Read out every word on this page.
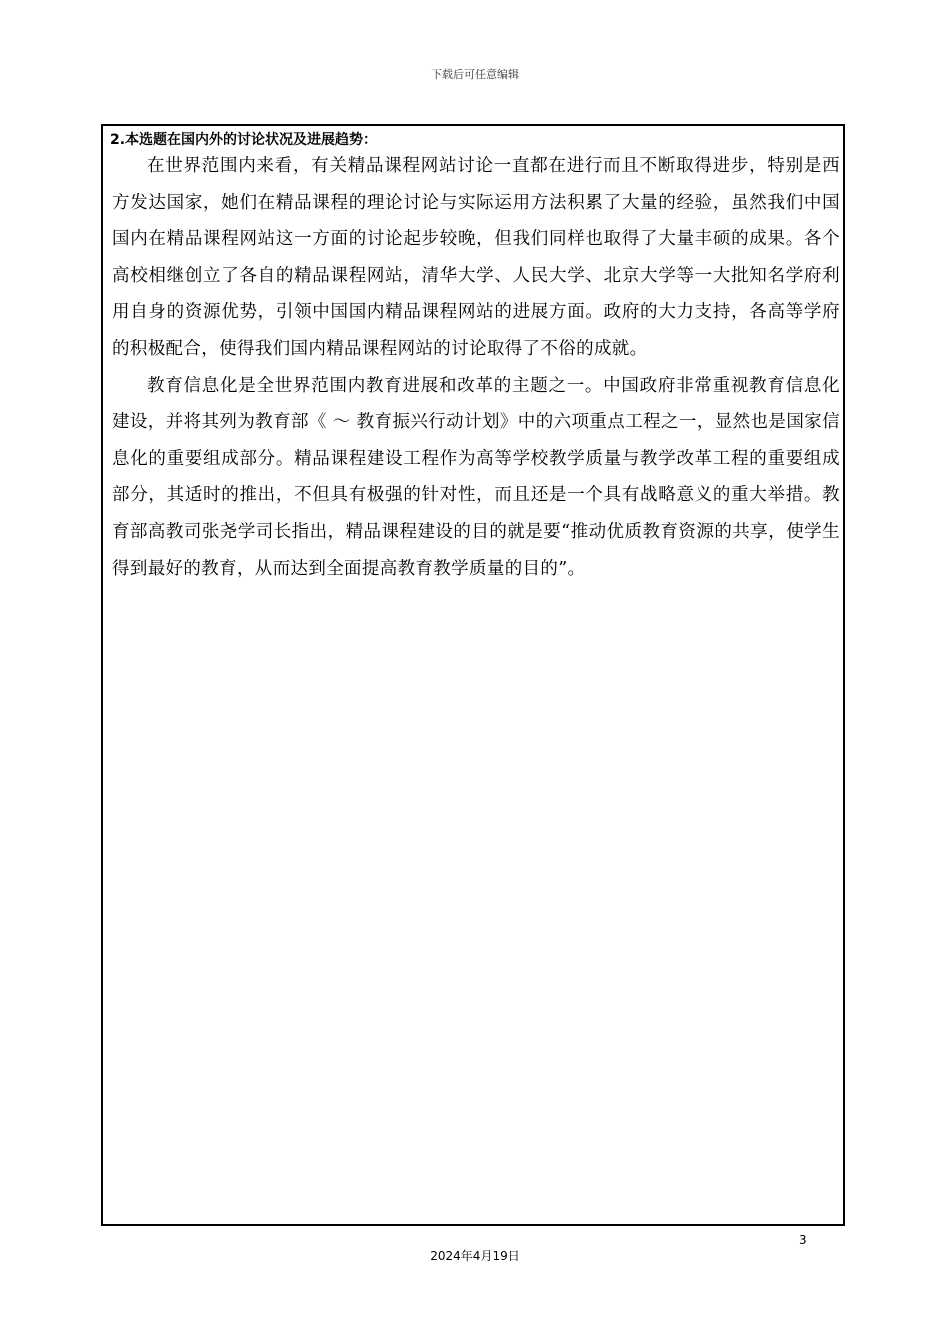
下载后可任意编辑
2.本选题在国内外的讨论状况及进展趋势：

在世界范围内来看，有关精品课程网站讨论一直都在进行而且不断取得进步，特别是西方发达国家，她们在精品课程的理论讨论与实际运用方法积累了大量的经验，虽然我们中国国内在精品课程网站这一方面的讨论起步较晚，但我们同样也取得了大量丰硕的成果。各个高校相继创立了各自的精品课程网站，清华大学、人民大学、北京大学等一大批知名学府利用自身的资源优势，引领中国国内精品课程网站的进展方面。政府的大力支持，各高等学府的积极配合，使得我们国内精品课程网站的讨论取得了不俗的成就。

教育信息化是全世界范围内教育进展和改革的主题之一。中国政府非常重视教育信息化建设，并将其列为教育部《 ～ 教育振兴行动计划》中的六项重点工程之一，显然也是国家信息化的重要组成部分。精品课程建设工程作为高等学校教学质量与教学改革工程的重要组成部分，其适时的推出，不但具有极强的针对性，而且还是一个具有战略意义的重大举措。教育部高教司张尧学司长指出，精品课程建设的目的就是要“推动优质教育资源的共享，使学生得到最好的教育，从而达到全面提高教育教学质量的目的”。

3
2024年4月19日
